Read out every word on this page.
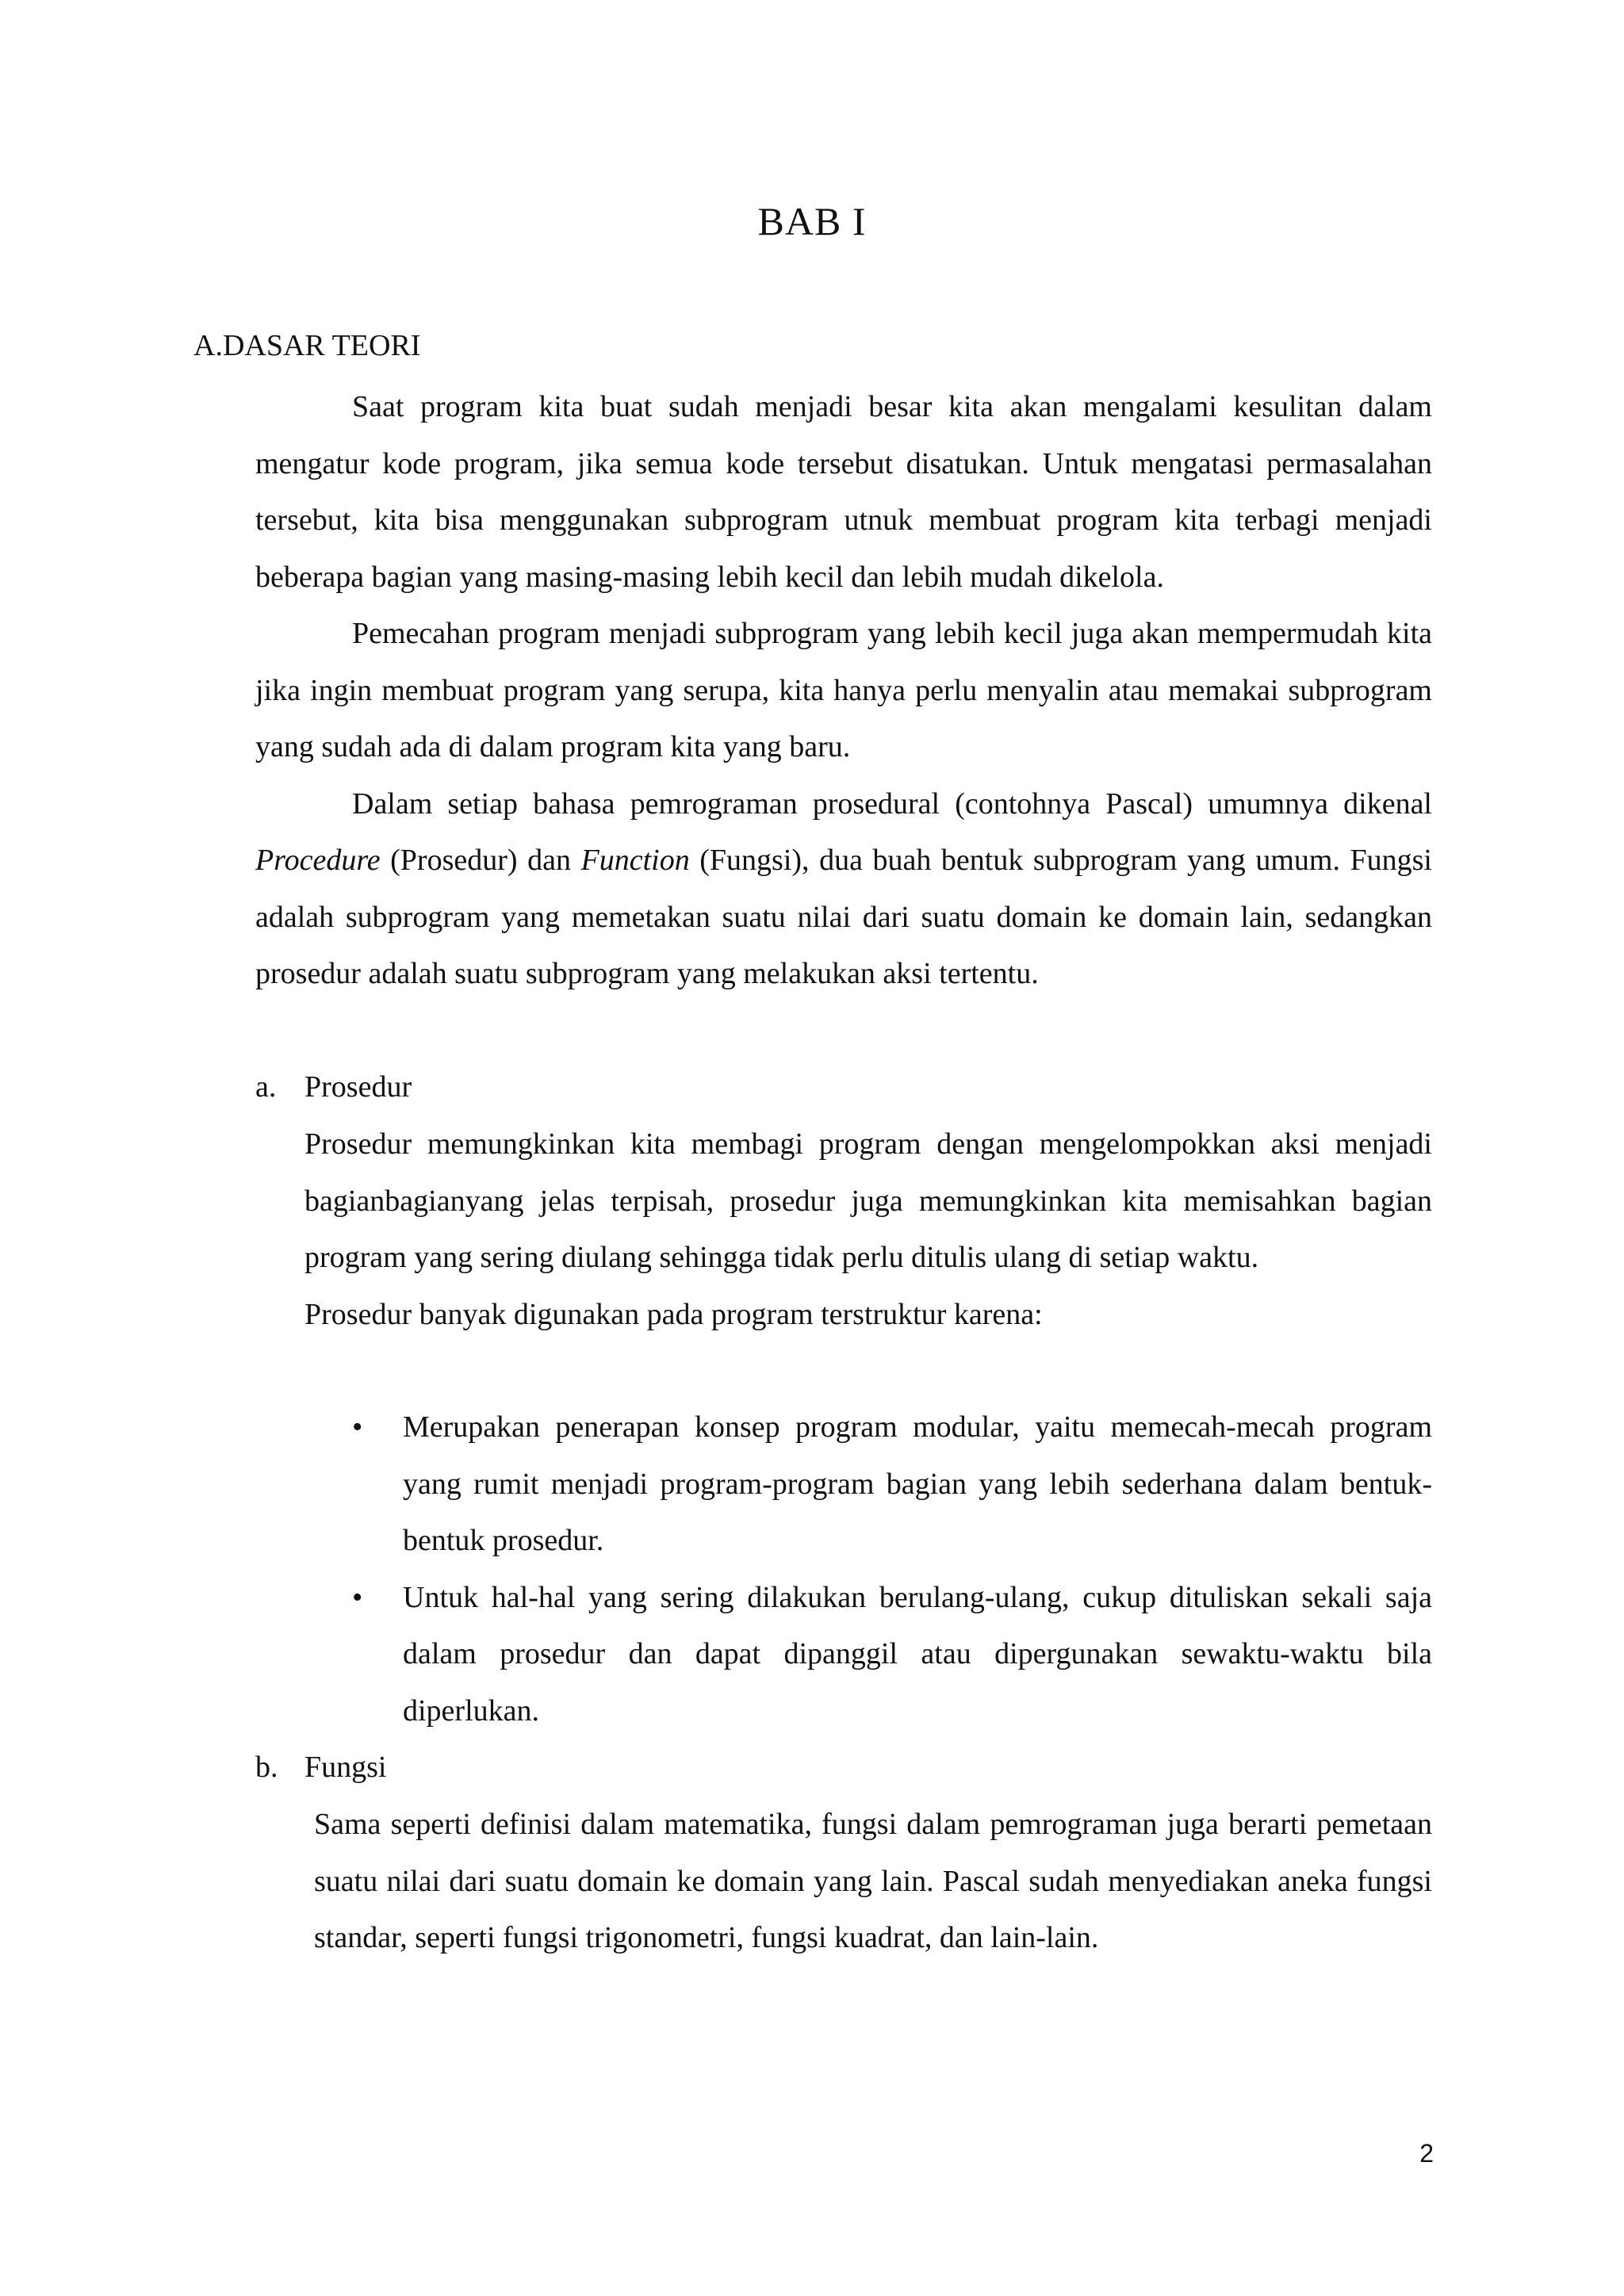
BAB I
A.DASAR TEORI

Saat program kita buat sudah menjadi besar kita akan mengalami kesulitan dalam mengatur kode program, jika semua kode tersebut disatukan. Untuk mengatasi permasalahan tersebut, kita bisa menggunakan subprogram utnuk membuat program kita terbagi menjadi beberapa bagian yang masing-masing lebih kecil dan lebih mudah dikelola.

Pemecahan program menjadi subprogram yang lebih kecil juga akan mempermudah kita jika ingin membuat program yang serupa, kita hanya perlu menyalin atau memakai subprogram yang sudah ada di dalam program kita yang baru.

Dalam setiap bahasa pemrograman prosedural (contohnya Pascal) umumnya dikenal Procedure (Prosedur) dan Function (Fungsi), dua buah bentuk subprogram yang umum. Fungsi adalah subprogram yang memetakan suatu nilai dari suatu domain ke domain lain, sedangkan prosedur adalah suatu subprogram yang melakukan aksi tertentu.

a. Prosedur

Prosedur memungkinkan kita membagi program dengan mengelompokkan aksi menjadi bagianbagianyang jelas terpisah, prosedur juga memungkinkan kita memisahkan bagian program yang sering diulang sehingga tidak perlu ditulis ulang di setiap waktu.

Prosedur banyak digunakan pada program terstruktur karena:

• Merupakan penerapan konsep program modular, yaitu memecah-mecah program yang rumit menjadi program-program bagian yang lebih sederhana dalam bentuk-bentuk prosedur.
• Untuk hal-hal yang sering dilakukan berulang-ulang, cukup dituliskan sekali saja dalam prosedur dan dapat dipanggil atau dipergunakan sewaktu-waktu bila diperlukan.
b. Fungsi

Sama seperti definisi dalam matematika, fungsi dalam pemrograman juga berarti pemetaan suatu nilai dari suatu domain ke domain yang lain. Pascal sudah menyediakan aneka fungsi standar, seperti fungsi trigonometri, fungsi kuadrat, dan lain-lain.

2
